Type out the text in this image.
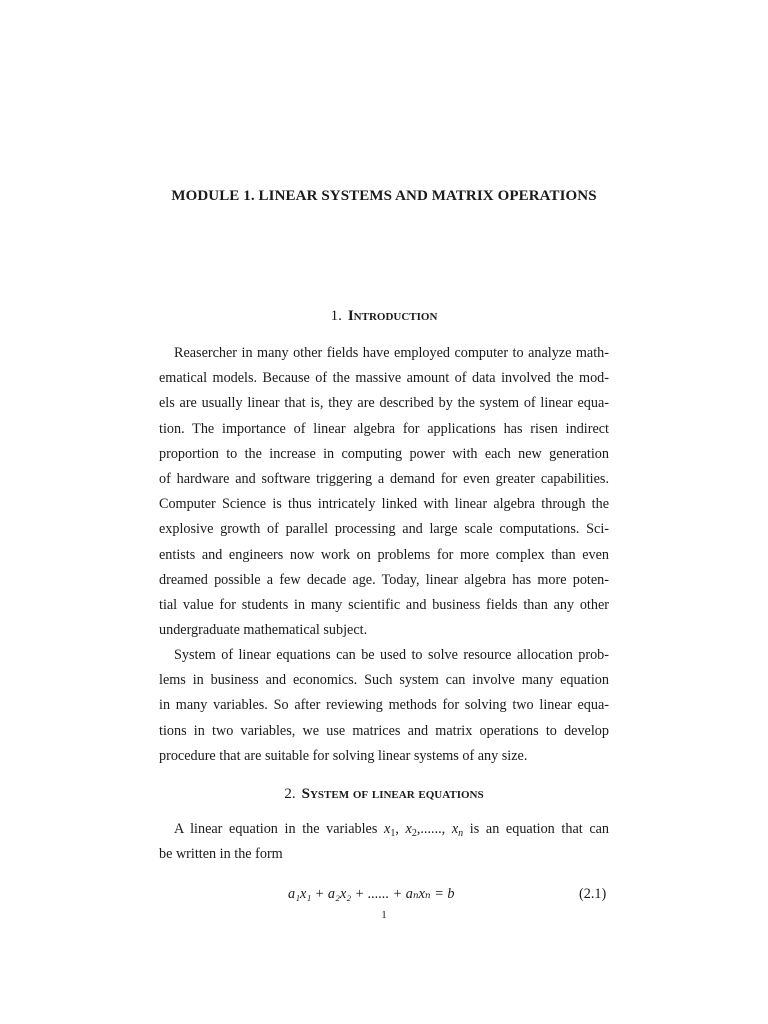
MODULE 1. LINEAR SYSTEMS AND MATRIX OPERATIONS
1. Introduction
Reasercher in many other fields have employed computer to analyze math-
ematical models. Because of the massive amount of data involved the mod-
els are usually linear that is, they are described by the system of linear equa-
tion. The importance of linear algebra for applications has risen indirect
proportion to the increase in computing power with each new generation
of hardware and software triggering a demand for even greater capabilities.
Computer Science is thus intricately linked with linear algebra through the
explosive growth of parallel processing and large scale computations. Sci-
entists and engineers now work on problems for more complex than even
dreamed possible a few decade age. Today, linear algebra has more poten-
tial value for students in many scientific and business fields than any other
undergraduate mathematical subject.
System of linear equations can be used to solve resource allocation prob-
lems in business and economics. Such system can involve many equation
in many variables. So after reviewing methods for solving two linear equa-
tions in two variables, we use matrices and matrix operations to develop
procedure that are suitable for solving linear systems of any size.
2. System of linear equations
A linear equation in the variables $x_1$, $x_2$,......, $x_n$ is an equation that can
be written in the form
a₁x₁ + a₂x₂ + ...... + aₙxₙ = b	(2.1)
1
